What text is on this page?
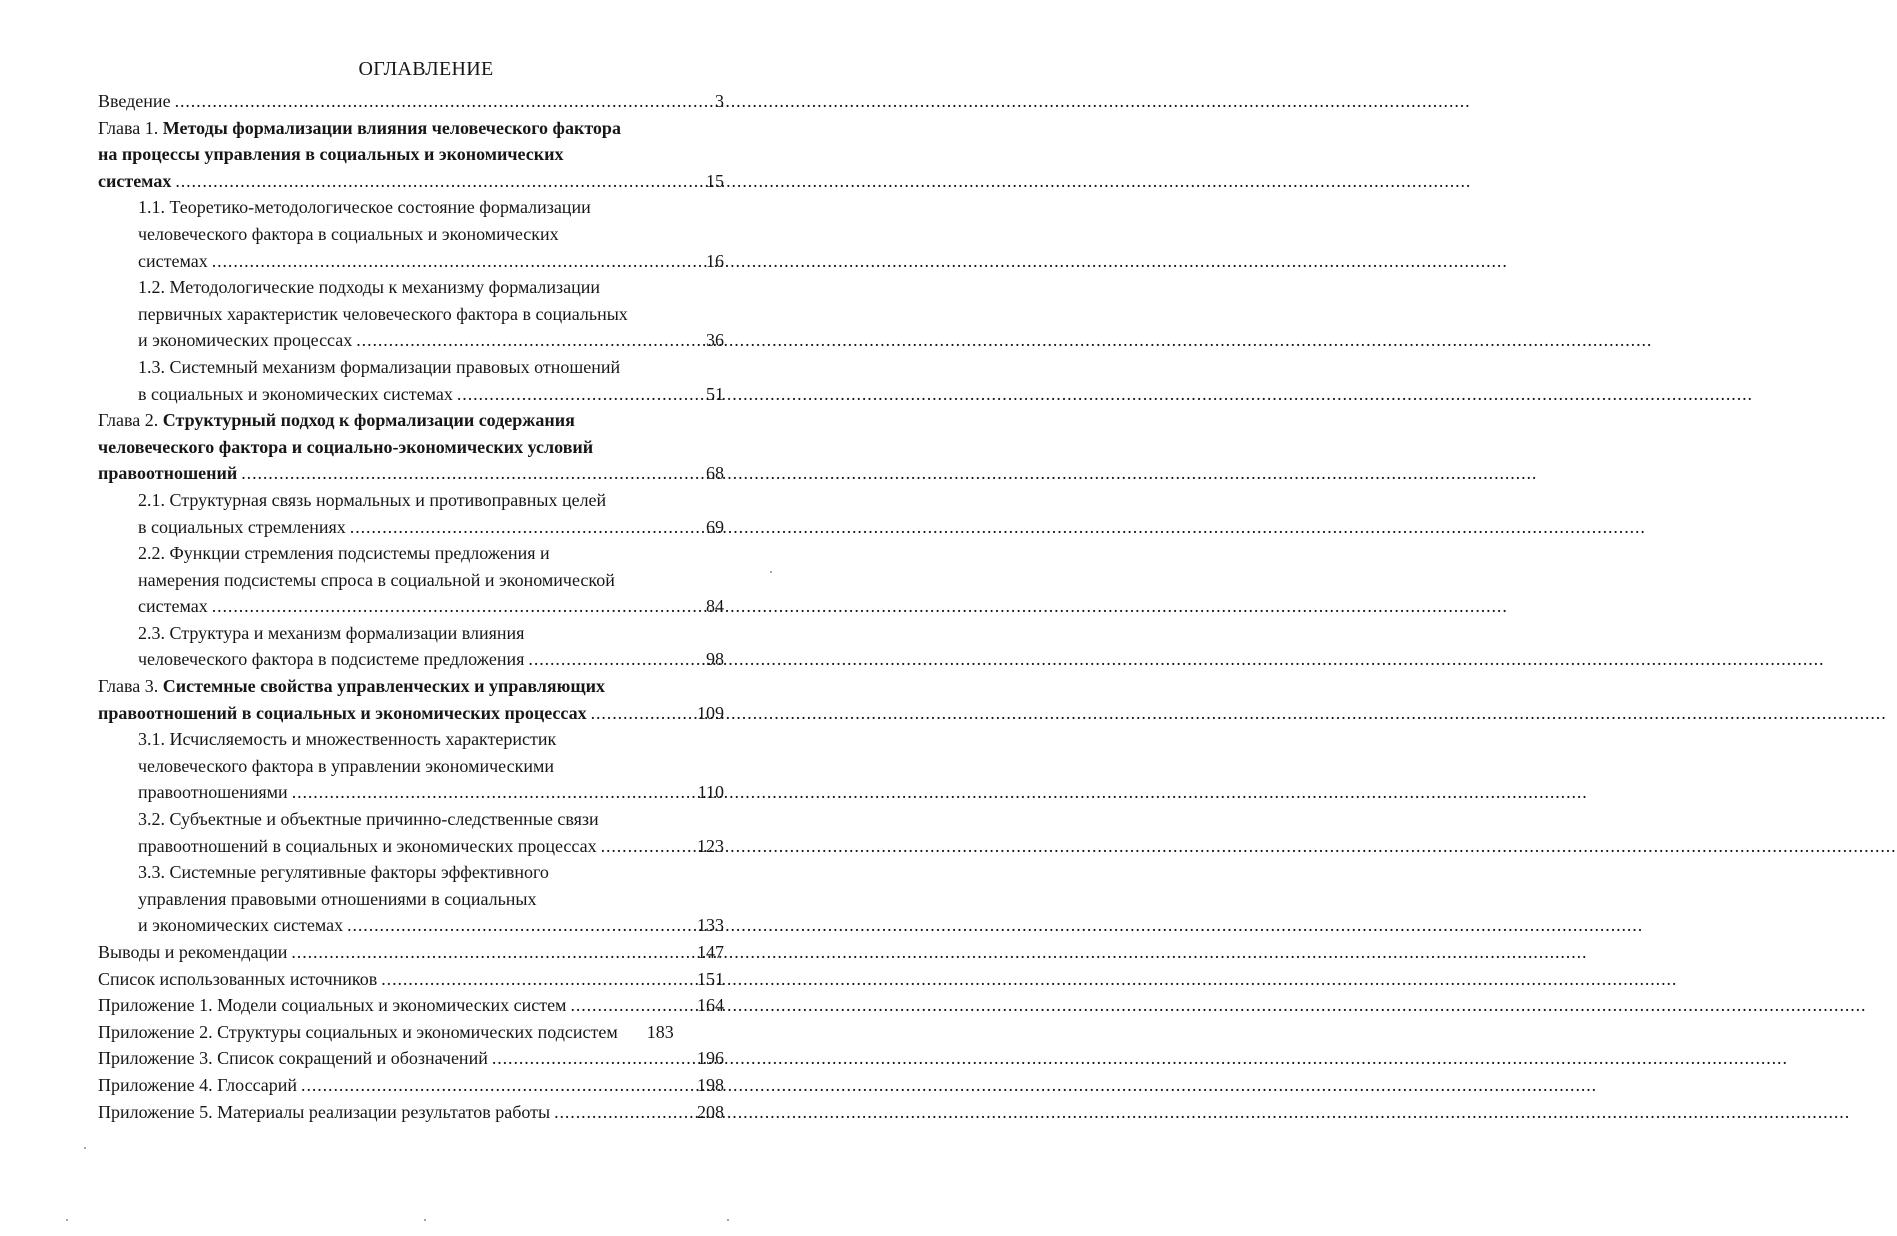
ОГЛАВЛЕНИЕ
Введение .....	3
Глава 1. Методы формализации влияния человеческого фактора
на процессы управления в социальных и экономических
системах .....	15
1.1. Теоретико-методологическое состояние формализации
человеческого фактора в социальных и экономических
системах .....	16
1.2. Методологические подходы к механизму формализации
первичных характеристик человеческого фактора в социальных
и экономических процессах .....	36
1.3. Системный механизм формализации правовых отношений
в социальных и экономических системах .....	51
Глава 2. Структурный подход к формализации содержания
человеческого фактора и социально-экономических условий
правоотношений .....	68
2.1. Структурная связь нормальных и противоправных целей
в социальных стремлениях .....	69
2.2. Функции стремления подсистемы предложения и
намерения подсистемы спроса в социальной и экономической
системах .....	84
2.3. Структура и механизм формализации влияния
человеческого фактора в подсистеме предложения .....	98
Глава 3. Системные свойства управленческих и управляющих
правоотношений в социальных и экономических процессах .....	109
3.1. Исчисляемость и множественность характеристик
человеческого фактора в управлении экономическими
правоотношениями .....	110
3.2. Субъектные и объектные причинно-следственные связи
правоотношений в социальных и экономических процессах .....	123
3.3. Системные регулятивные факторы эффективного
управления правовыми отношениями в социальных
и экономических системах .....	133
Выводы и рекомендации .....	147
Список использованных источников .....	151
Приложение 1. Модели социальных и экономических систем .....	164
Приложение 2. Структуры социальных и экономических подсистем	183
Приложение 3. Список сокращений и обозначений .....	196
Приложение 4. Глоссарий .....	198
Приложение 5. Материалы реализации результатов работы .....	208
